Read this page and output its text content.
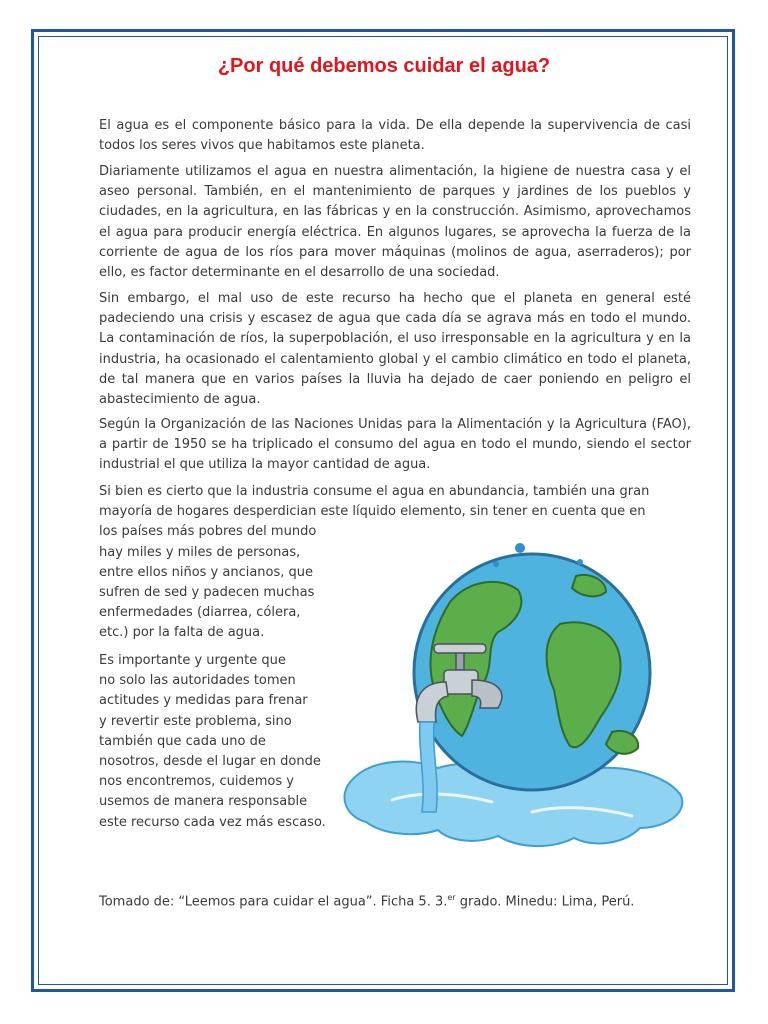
¿Por qué debemos cuidar el agua?

El agua es el componente básico para la vida. De ella depende la supervivencia de casi todos los seres vivos que habitamos este planeta.

Diariamente utilizamos el agua en nuestra alimentación, la higiene de nuestra casa y el aseo personal. También, en el mantenimiento de parques y jardines de los pueblos y ciudades, en la agricultura, en las fábricas y en la construcción. Asimismo, aprovechamos el agua para producir energía eléctrica. En algunos lugares, se aprovecha la fuerza de la corriente de agua de los ríos para mover máquinas (molinos de agua, aserraderos); por ello, es factor determinante en el desarrollo de una sociedad.

Sin embargo, el mal uso de este recurso ha hecho que el planeta en general esté padeciendo una crisis y escasez de agua que cada día se agrava más en todo el mundo. La contaminación de ríos, la superpoblación, el uso irresponsable en la agricultura y en la industria, ha ocasionado el calentamiento global y el cambio climático en todo el planeta, de tal manera que en varios países la lluvia ha dejado de caer poniendo en peligro el abastecimiento de agua.

Según la Organización de las Naciones Unidas para la Alimentación y la Agricultura (FAO), a partir de 1950 se ha triplicado el consumo del agua en todo el mundo, siendo el sector industrial el que utiliza la mayor cantidad de agua.

Si bien es cierto que la industria consume el agua en abundancia, también una gran
mayoría de hogares desperdician este líquido elemento, sin tener en cuenta que en
los países más pobres del mundo
hay miles y miles de personas,
entre ellos niños y ancianos, que
sufren de sed y padecen muchas
enfermedades (diarrea, cólera,
etc.) por la falta de agua.

Es importante y urgente que
no solo las autoridades tomen
actitudes y medidas para frenar
y revertir este problema, sino
también que cada uno de
nosotros, desde el lugar en donde
nos encontremos, cuidemos y
usemos de manera responsable
este recurso cada vez más escaso.

Tomado de: “Leemos para cuidar el agua”. Ficha 5. 3.$^{er}$ grado. Minedu: Lima, Perú.
